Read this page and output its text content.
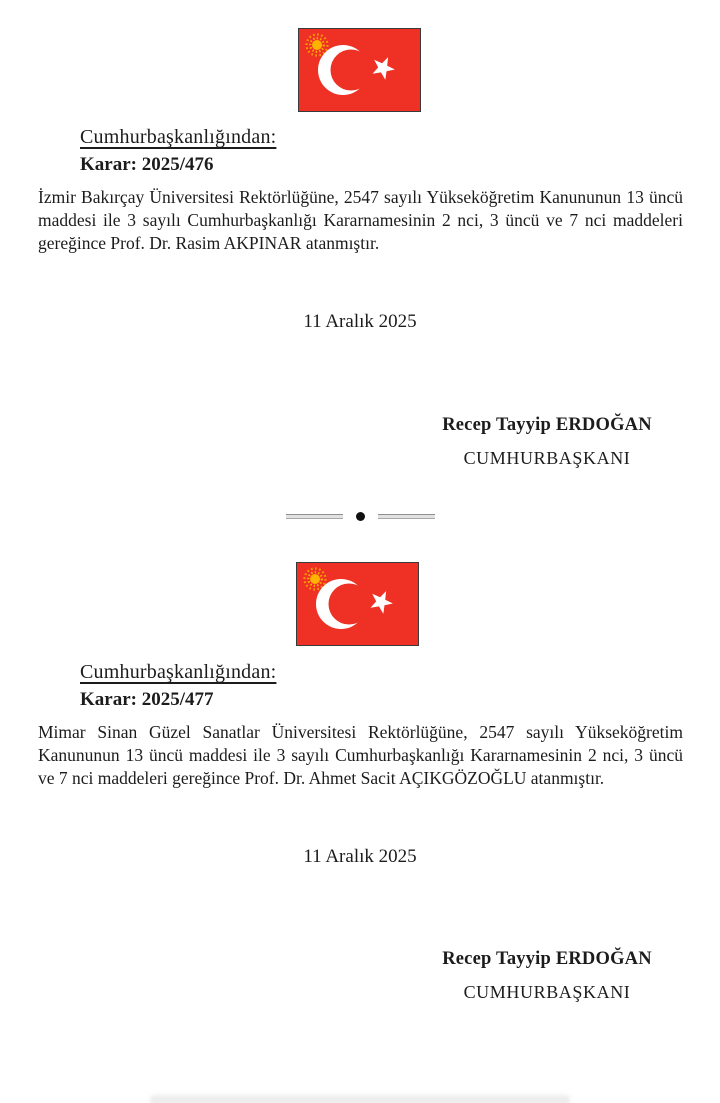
Cumhurbaşkanlığından:
Karar: 2025/476
İzmir Bakırçay Üniversitesi Rektörlüğüne, 2547 sayılı Yükseköğretim Kanununun 13 üncü maddesi ile 3 sayılı Cumhurbaşkanlığı Kararnamesinin 2 nci, 3 üncü ve 7 nci maddeleri gereğince Prof. Dr. Rasim AKPINAR atanmıştır.
11 Aralık 2025
Recep Tayyip ERDOĞAN
CUMHURBAŞKANI
Cumhurbaşkanlığından:
Karar: 2025/477
Mimar Sinan Güzel Sanatlar Üniversitesi Rektörlüğüne, 2547 sayılı Yükseköğretim Kanununun 13 üncü maddesi ile 3 sayılı Cumhurbaşkanlığı Kararnamesinin 2 nci, 3 üncü ve 7 nci maddeleri gereğince Prof. Dr. Ahmet Sacit AÇIKGÖZOĞLU atanmıştır.
11 Aralık 2025
Recep Tayyip ERDOĞAN
CUMHURBAŞKANI
